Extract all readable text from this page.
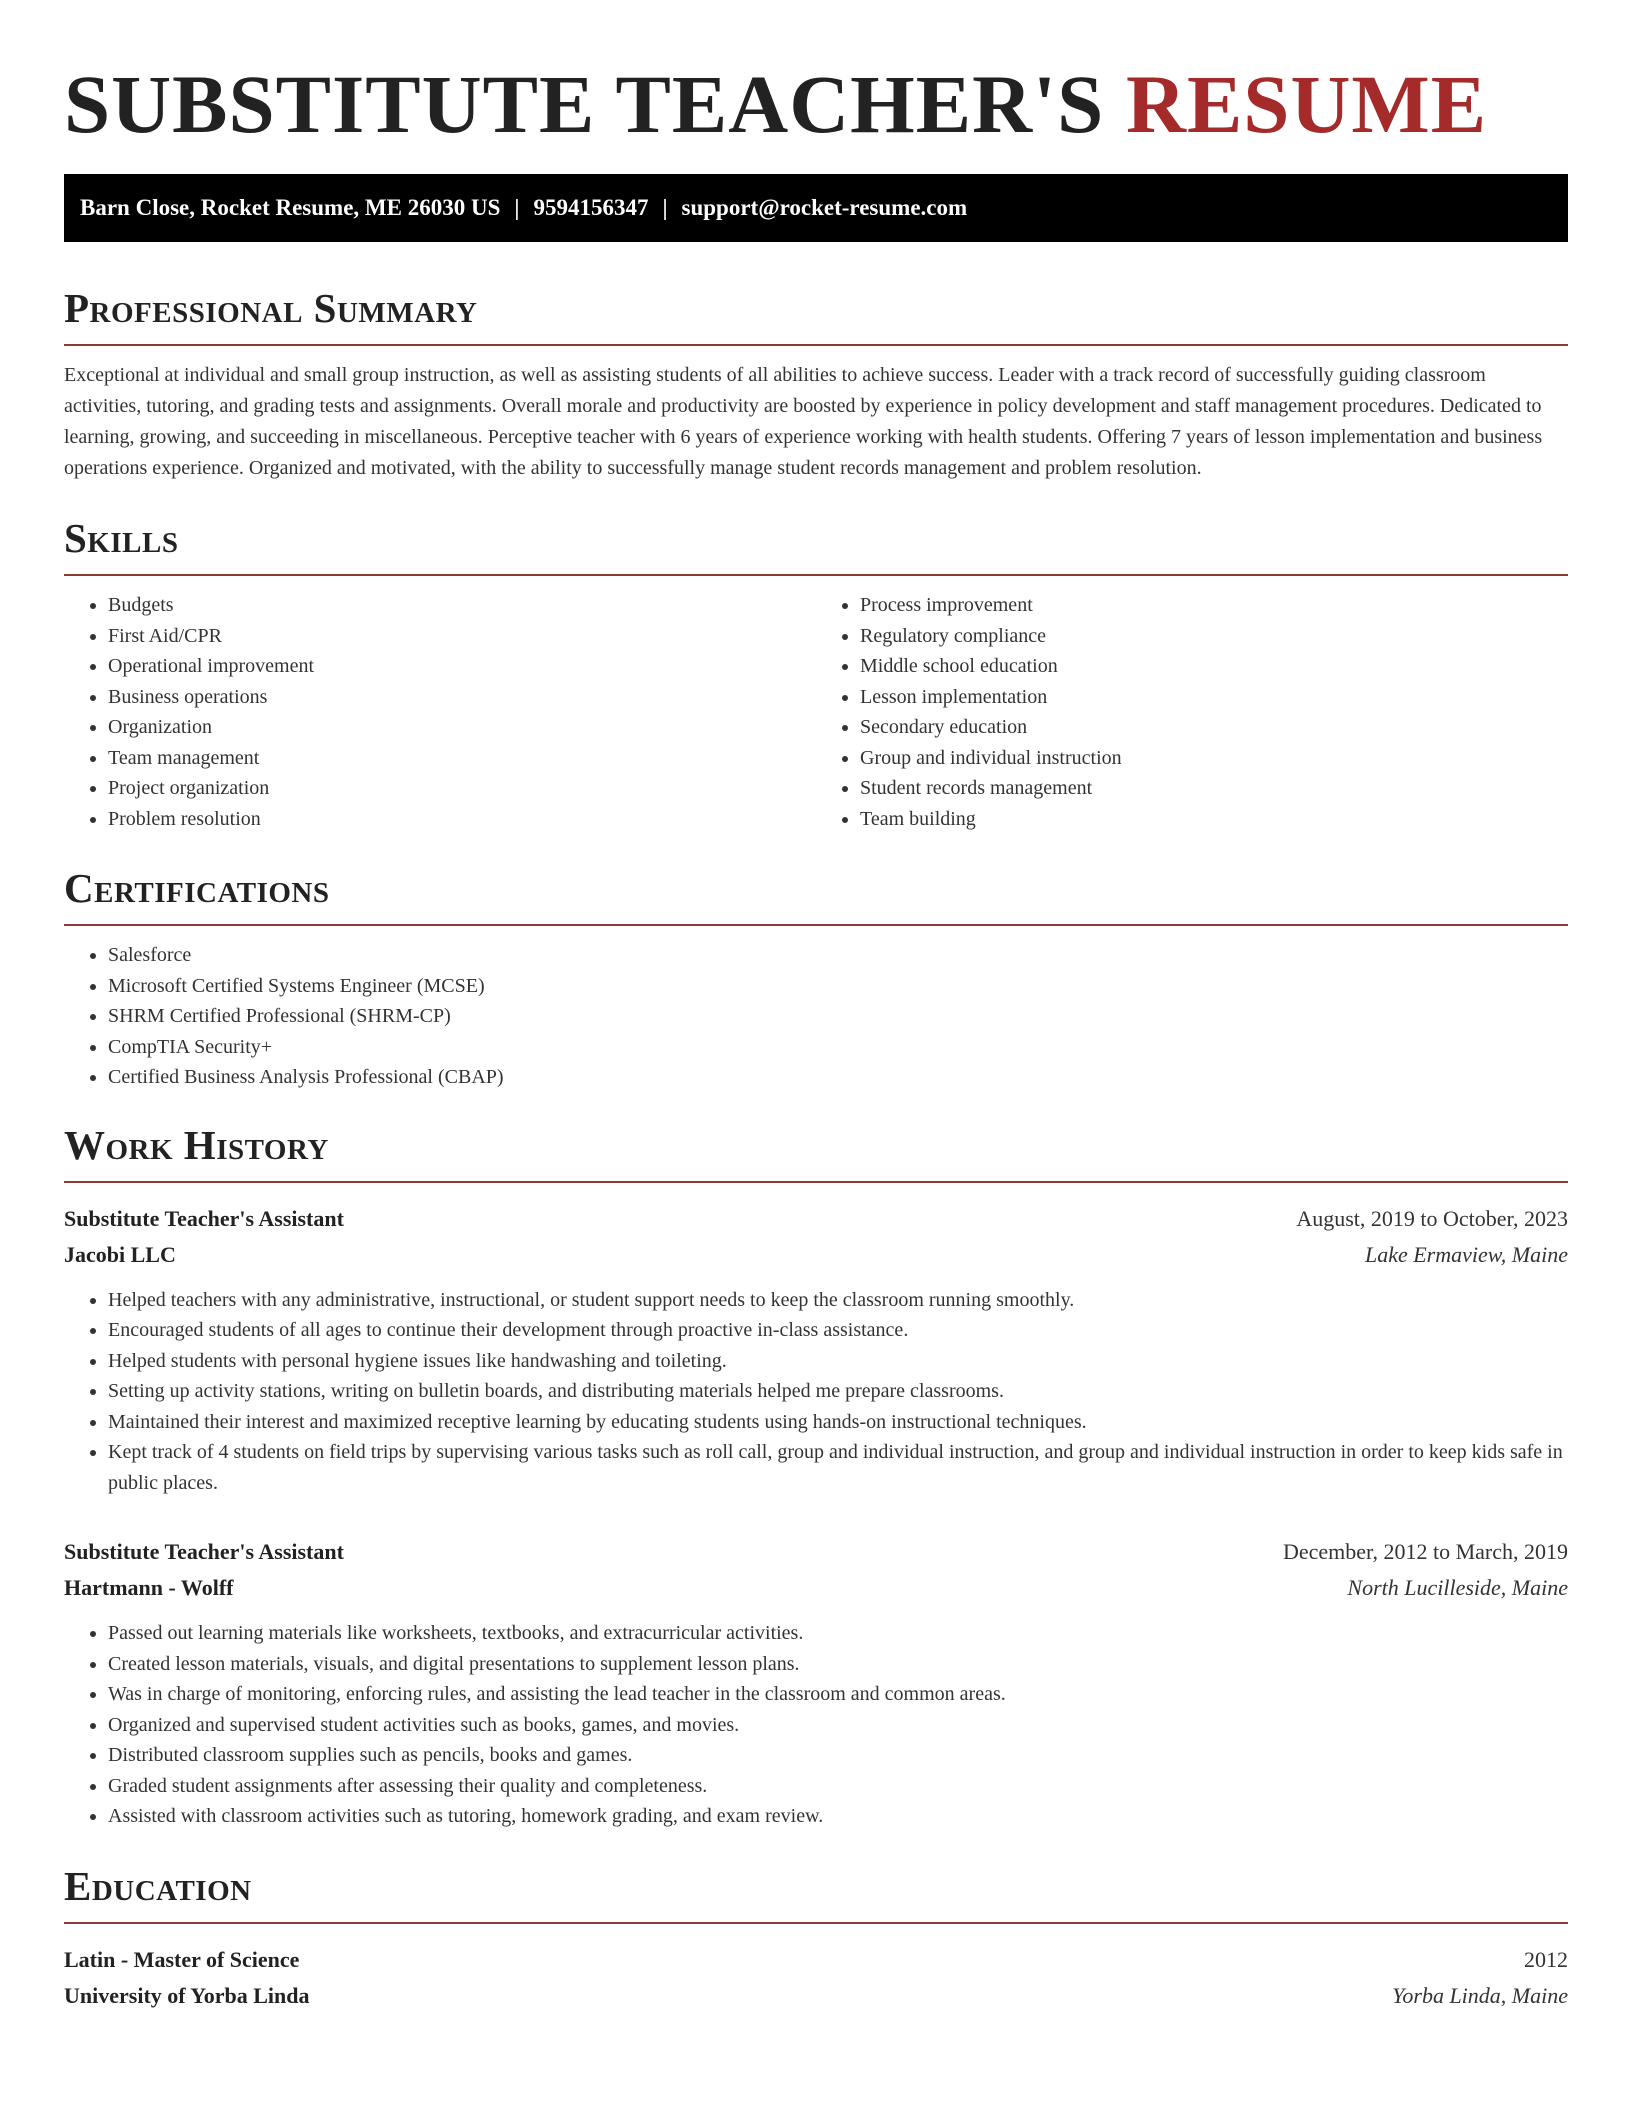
SUBSTITUTE TEACHER'S RESUME
Barn Close, Rocket Resume, ME 26030 US | 9594156347 | support@rocket-resume.com
Professional Summary

Exceptional at individual and small group instruction, as well as assisting students of all abilities to achieve success. Leader with a track record of successfully guiding classroom activities, tutoring, and grading tests and assignments. Overall morale and productivity are boosted by experience in policy development and staff management procedures. Dedicated to learning, growing, and succeeding in miscellaneous. Perceptive teacher with 6 years of experience working with health students. Offering 7 years of lesson implementation and business operations experience. Organized and motivated, with the ability to successfully manage student records management and problem resolution.

Skills
• Budgets
• First Aid/CPR
• Operational improvement
• Business operations
• Organization
• Team management
• Project organization
• Problem resolution
• Process improvement
• Regulatory compliance
• Middle school education
• Lesson implementation
• Secondary education
• Group and individual instruction
• Student records management
• Team building
Certifications
• Salesforce
• Microsoft Certified Systems Engineer (MCSE)
• SHRM Certified Professional (SHRM-CP)
• CompTIA Security+
• Certified Business Analysis Professional (CBAP)
Work History
Substitute Teacher's Assistant	August, 2019 to October, 2023
Jacobi LLC	Lake Ermaview, Maine
• Helped teachers with any administrative, instructional, or student support needs to keep the classroom running smoothly.
• Encouraged students of all ages to continue their development through proactive in-class assistance.
• Helped students with personal hygiene issues like handwashing and toileting.
• Setting up activity stations, writing on bulletin boards, and distributing materials helped me prepare classrooms.
• Maintained their interest and maximized receptive learning by educating students using hands-on instructional techniques.
• Kept track of 4 students on field trips by supervising various tasks such as roll call, group and individual instruction, and group and individual instruction in order to keep kids safe in public places.
Substitute Teacher's Assistant	December, 2012 to March, 2019
Hartmann - Wolff	North Lucilleside, Maine
• Passed out learning materials like worksheets, textbooks, and extracurricular activities.
• Created lesson materials, visuals, and digital presentations to supplement lesson plans.
• Was in charge of monitoring, enforcing rules, and assisting the lead teacher in the classroom and common areas.
• Organized and supervised student activities such as books, games, and movies.
• Distributed classroom supplies such as pencils, books and games.
• Graded student assignments after assessing their quality and completeness.
• Assisted with classroom activities such as tutoring, homework grading, and exam review.
Education
Latin - Master of Science	2012
University of Yorba Linda	Yorba Linda, Maine
